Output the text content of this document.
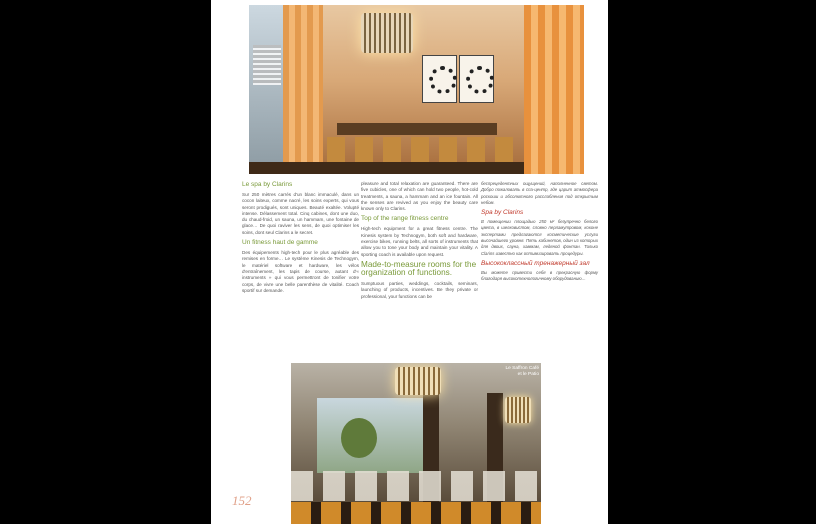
Le spa by Clarins

Sur 250 mètres carrés d'un blanc immaculé, dans un cocon laiteux, comme nacré, les soins experts, qui vous seront prodigués, sont uniques. Beauté exaltée. Volupté intense. Délassement total. Cinq cabines, dont une duo, du chaud-froid, un sauna, un hammam, une fontaine de glace… De quoi raviver les sens, de quoi optimiser les soins, dont seul Clarins a le secret.

Un fitness haut de gamme

Des équipements high-tech pour le plus agréable des remises en forme… Le système Kinesis de Technogym, le matériel software et hardware, les vélos d'entraînement, les tapis de course, autant d'« instruments » qui vous permettront de tonifier votre corps, de vivre une belle parenthèse de vitalité. Coach sportif sur demande.

pleasure and total relaxation are guaranteed. There are five cubicles, one of which can hold two people, hot-cold treatments, a sauna, a hammam and an ice fountain. All the senses are revived as you enjoy the beauty care known only to Clarins.

Top of the range fitness centre

High-tech equipment for a great fitness centre. The Kinesis system by Technogym, both soft and hardware, exercise bikes, running belts, all sorts of instruments that allow you to tone your body and maintain your vitality. A sporting coach is available upon request.

Made-to-measure rooms for the organization of functions.

Sumptuous parties, weddings, cocktails, seminars, launching of products, incentives. Be they private or professional, your functions can be

беспрецедентных ощущений, наполненное светом. Добро пожаловать в спа-центр, где царит атмосфера роскоши и абсолютного расслабления под открытым небом.

Spa by Clarins

В помещении площадью 250 м² безупречно белого цвета, в шелковистом, словно перламутровом, коконе экспертами предлагаются косметические услуги высочайшего уровня. Пять кабинетов, один из которых для двоих, сауна, хаммам, ледяной фонтан. Только Clarins известно как оптимизировать процедуры.

Высококлассный тренажерный зал

Вы можете привести себя в прекрасную форму благодаря высокотехнологичному оборудованию…

Le Saffron Café
et le Patio
152
